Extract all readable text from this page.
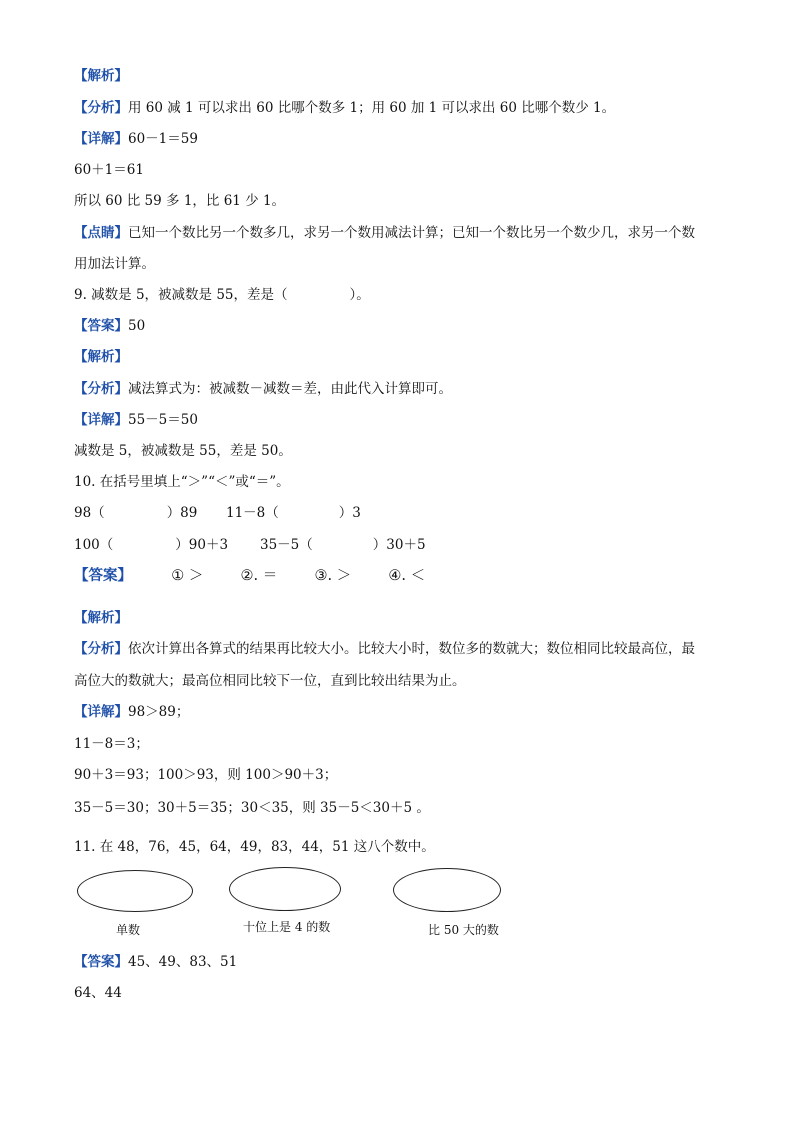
【解析】
【分析】用 60 减 1 可以求出 60 比哪个数多 1；用 60 加 1 可以求出 60 比哪个数少 1。
【详解】60－1＝59
60＋1＝61
所以 60 比 59 多 1，比 61 少 1。
【点睛】已知一个数比另一个数多几，求另一个数用减法计算；已知一个数比另一个数少几，求另一个数
用加法计算。
9. 减数是 5，被减数是 55，差是（	）。
【答案】50
【解析】
【分析】减法算式为：被减数－减数＝差，由此代入计算即可。
【详解】55－5＝50
减数是 5，被减数是 55，差是 50。
10. 在括号里填上“＞”“＜”或“＝”。
98（	）89 11－8（	）3
100（	）90＋3 35－5（	）30＋5
【答案】	① ＞	②. ＝	③. ＞	④. ＜
【解析】
【分析】依次计算出各算式的结果再比较大小。比较大小时，数位多的数就大；数位相同比较最高位，最
高位大的数就大；最高位相同比较下一位，直到比较出结果为止。
【详解】98＞89；
11－8＝3；
90＋3＝93；100＞93，则 100＞90＋3；
35－5＝30；30＋5＝35；30＜35，则 35－5＜30＋5 。
11. 在 48，76，45，64，49，83，44，51 这八个数中。
单数	十位上是 4 的数	比 50 大的数
【答案】45、49、83、51
64、44
